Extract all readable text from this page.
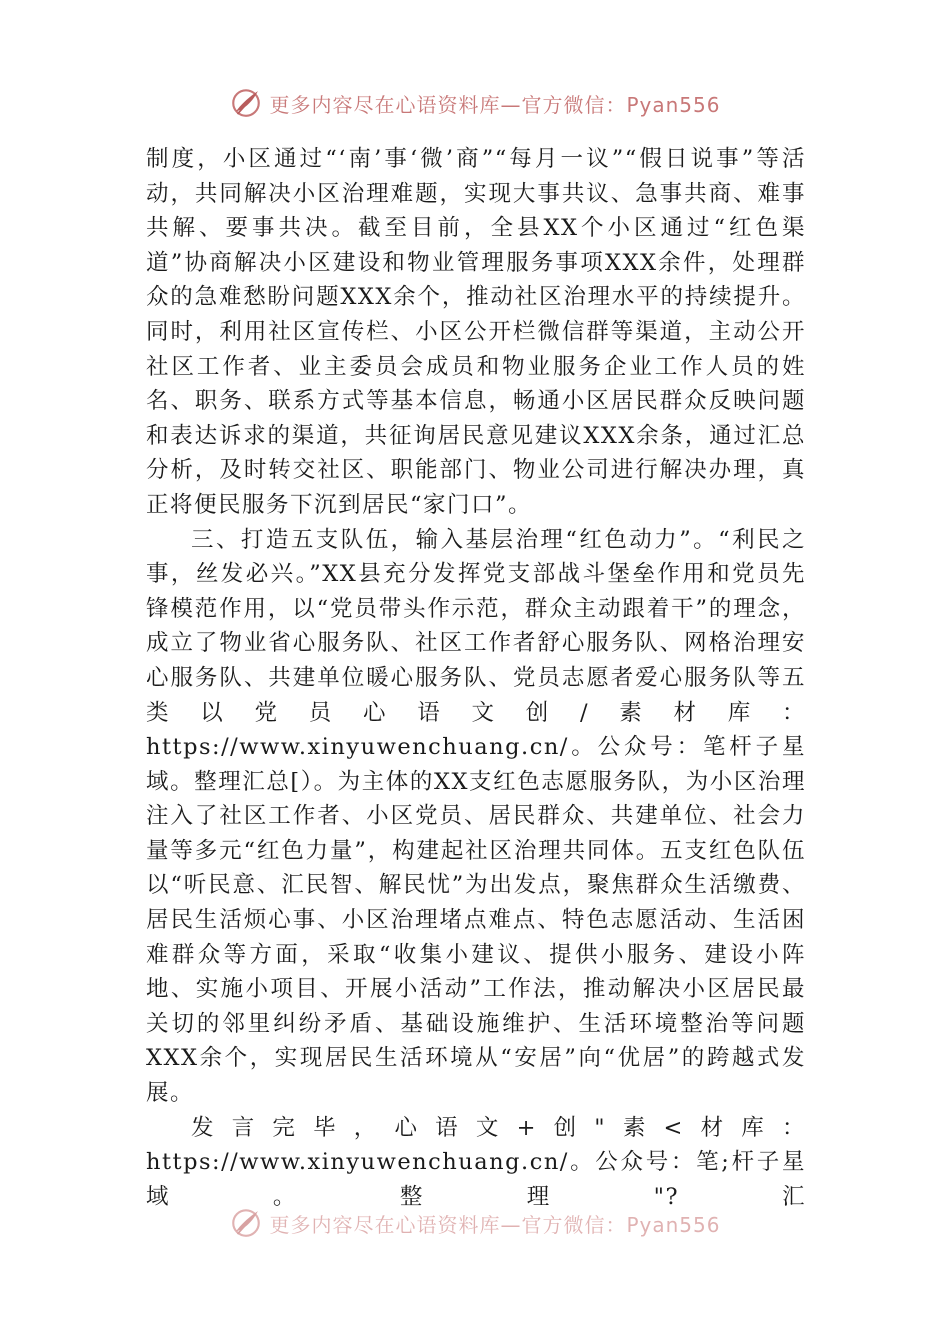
更多内容尽在心语资料库—官方微信：Pyan556

制度，小区通过“‘南’事‘微’商”“每月一议”“假日说事”等活动，共同解决小区治理难题，实现大事共议、急事共商、难事共解、要事共决。截至目前，全县XX个小区通过“红色渠道”协商解决小区建设和物业管理服务事项XXX余件，处理群众的急难愁盼问题XXX余个，推动社区治理水平的持续提升。同时，利用社区宣传栏、小区公开栏微信群等渠道，主动公开社区工作者、业主委员会成员和物业服务企业工作人员的姓名、职务、联系方式等基本信息，畅通小区居民群众反映问题和表达诉求的渠道，共征询居民意见建议XXX余条，通过汇总分析，及时转交社区、职能部门、物业公司进行解决办理，真正将便民服务下沉到居民“家门口”。

三、打造五支队伍，输入基层治理“红色动力”。“利民之事，丝发必兴。”XX县充分发挥党支部战斗堡垒作用和党员先锋模范作用，以“党员带头作示范，群众主动跟着干”的理念，成立了物业省心服务队、社区工作者舒心服务队、网格治理安心服务队、共建单位暖心服务队、党员志愿者爱心服务队等五类以党员心语文创/素材库：https://www.xinyuwenchuang.cn/。公众号：笔杆子星域。整理汇总[）。为主体的XX支红色志愿服务队，为小区治理注入了社区工作者、小区党员、居民群众、共建单位、社会力量等多元“红色力量”，构建起社区治理共同体。五支红色队伍以“听民意、汇民智、解民忧”为出发点，聚焦群众生活缴费、居民生活烦心事、小区治理堵点难点、特色志愿活动、生活困难群众等方面，采取“收集小建议、提供小服务、建设小阵地、实施小项目、开展小活动”工作法，推动解决小区居民最关切的邻里纠纷矛盾、基础设施维护、生活环境整治等问题XXX余个，实现居民生活环境从“安居”向“优居”的跨越式发展。

发言完毕，心语文+创"素<材库：https://www.xinyuwenchuang.cn/。公众号：笔;杆子星域。整理"?汇

更多内容尽在心语资料库—官方微信：Pyan556
